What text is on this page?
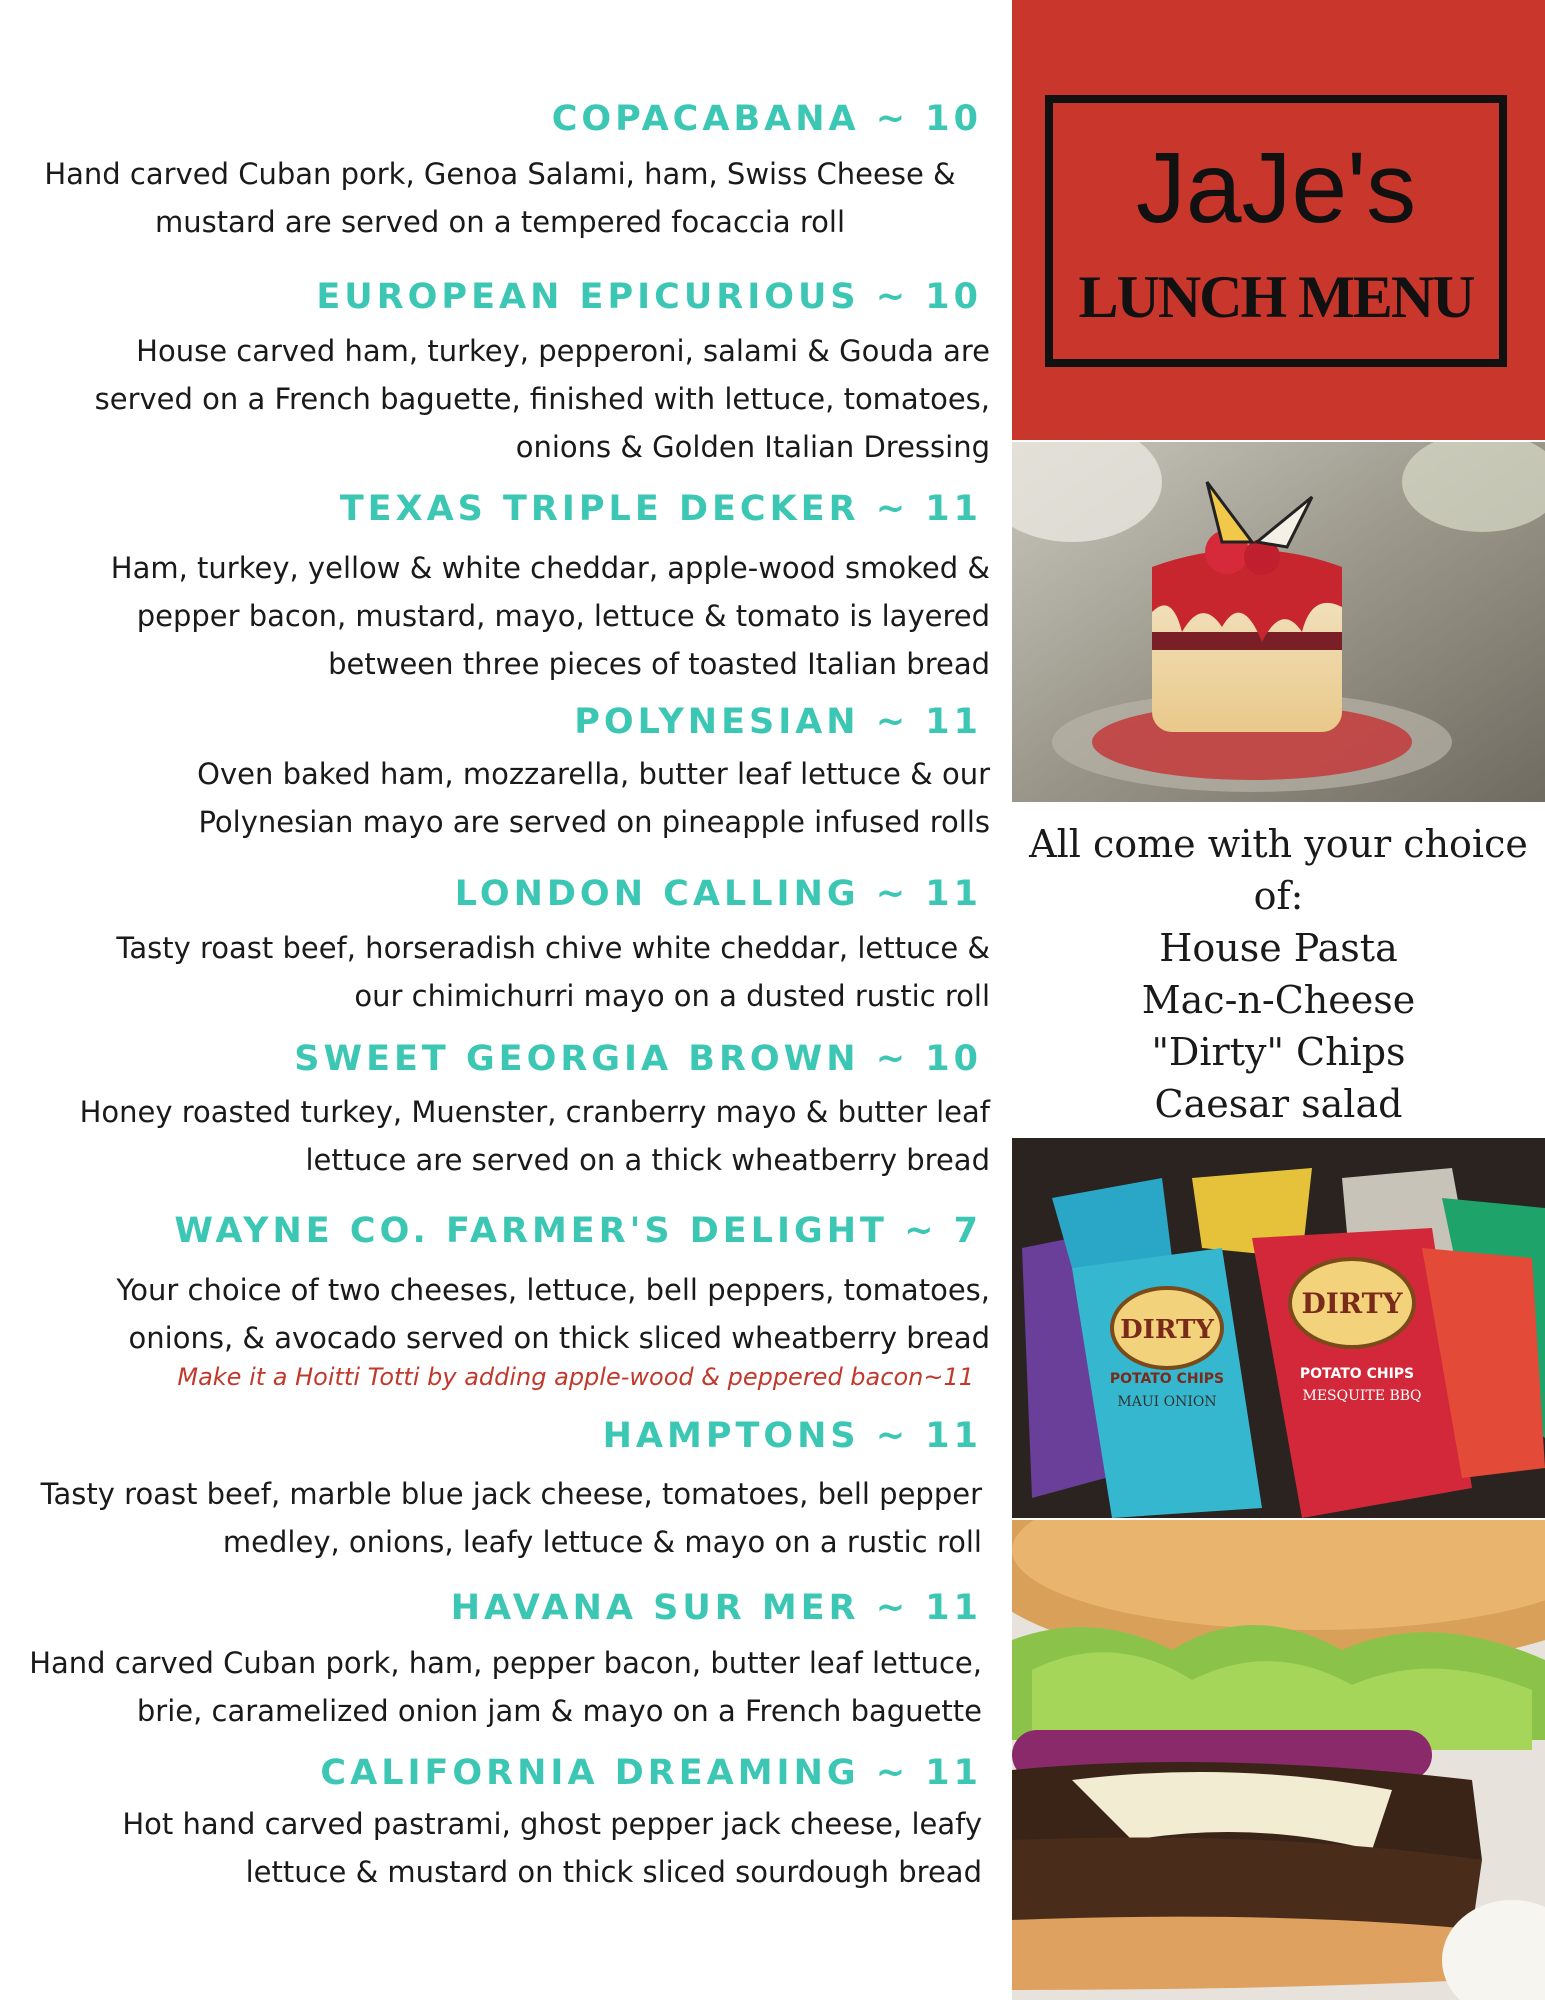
COPACABANA ~ 10
Hand carved Cuban pork, Genoa Salami, ham, Swiss Cheese &
mustard are served on a tempered focaccia roll
EUROPEAN EPICURIOUS ~ 10
House carved ham, turkey, pepperoni, salami & Gouda are
served on a French baguette, finished with lettuce, tomatoes,
onions & Golden Italian Dressing
TEXAS TRIPLE DECKER ~ 11
Ham, turkey, yellow & white cheddar, apple-wood smoked &
pepper bacon, mustard, mayo, lettuce & tomato is layered
between three pieces of toasted Italian bread
POLYNESIAN ~ 11
Oven baked ham, mozzarella, butter leaf lettuce & our
Polynesian mayo are served on pineapple infused rolls
LONDON CALLING ~ 11
Tasty roast beef, horseradish chive white cheddar, lettuce &
our chimichurri mayo on a dusted rustic roll
SWEET GEORGIA BROWN ~ 10
Honey roasted turkey, Muenster, cranberry mayo & butter leaf
lettuce are served on a thick wheatberry bread
WAYNE CO. FARMER'S DELIGHT ~ 7
Your choice of two cheeses, lettuce, bell peppers, tomatoes,
onions, & avocado served on thick sliced wheatberry bread
Make it a Hoitti Totti by adding apple-wood & peppered bacon~11
HAMPTONS ~ 11
Tasty roast beef, marble blue jack cheese, tomatoes, bell pepper
medley, onions, leafy lettuce & mayo on a rustic roll
HAVANA SUR MER ~ 11
Hand carved Cuban pork, ham, pepper bacon, butter leaf lettuce,
brie, caramelized onion jam & mayo on a French baguette
CALIFORNIA DREAMING ~ 11
Hot hand carved pastrami, ghost pepper jack cheese, leafy
lettuce & mustard on thick sliced sourdough bread
JaJe's
LUNCH MENU
All come with your choice of:
House Pasta
Mac-n-Cheese
"Dirty" Chips
Caesar salad
DIRTY
DIRTY
POTATO CHIPS
MAUI ONION
POTATO CHIPS
MESQUITE BBQ
